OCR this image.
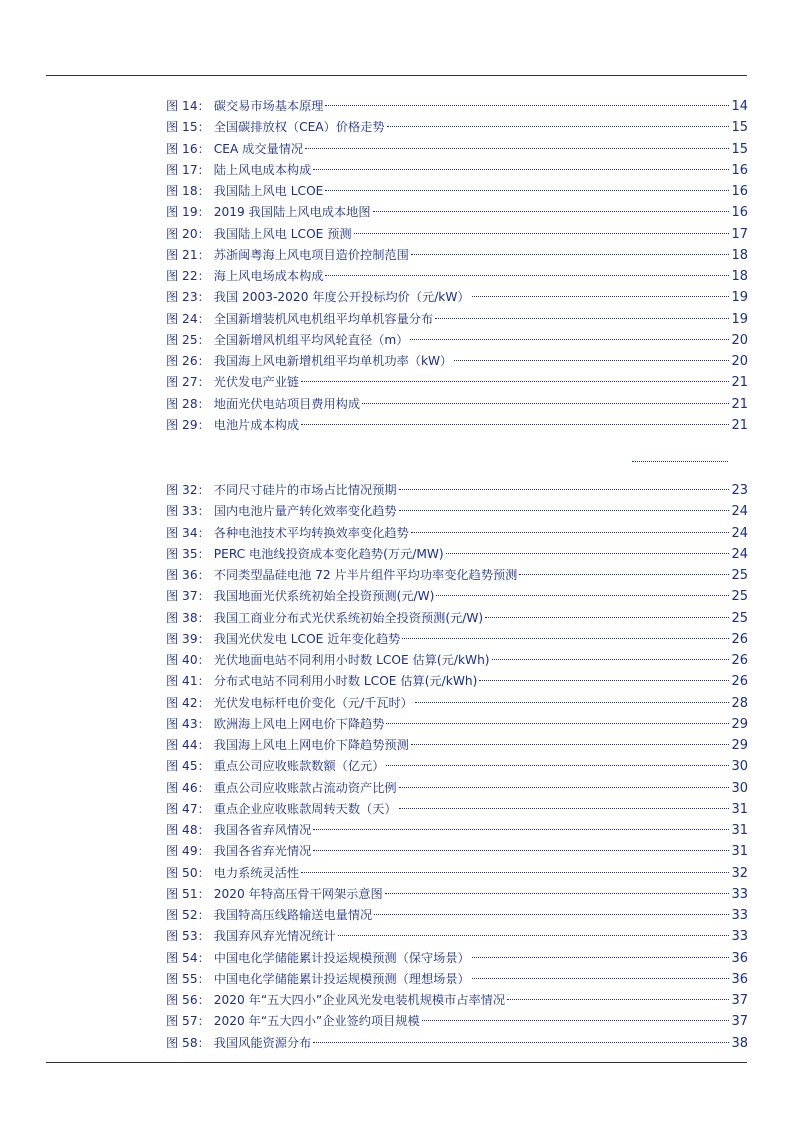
图 14： 碳交易市场基本原理	14
图 15： 全国碳排放权（CEA）价格走势	15
图 16： CEA 成交量情况	15
图 17： 陆上风电成本构成	16
图 18： 我国陆上风电 LCOE	16
图 19： 2019 我国陆上风电成本地图	16
图 20： 我国陆上风电 LCOE 预测	17
图 21： 苏浙闽粤海上风电项目造价控制范围	18
图 22： 海上风电场成本构成	18
图 23： 我国 2003-2020 年度公开投标均价（元/kW）	19
图 24： 全国新增装机风电机组平均单机容量分布	19
图 25： 全国新增风机组平均风轮直径（m）	20
图 26： 我国海上风电新增机组平均单机功率（kW）	20
图 27： 光伏发电产业链	21
图 28： 地面光伏电站项目费用构成	21
图 29： 电池片成本构成	21
图 32： 不同尺寸硅片的市场占比情况预期	23
图 33： 国内电池片量产转化效率变化趋势	24
图 34： 各种电池技术平均转换效率变化趋势	24
图 35： PERC 电池线投资成本变化趋势(万元/MW)	24
图 36： 不同类型晶硅电池 72 片半片组件平均功率变化趋势预测	25
图 37： 我国地面光伏系统初始全投资预测(元/W)	25
图 38： 我国工商业分布式光伏系统初始全投资预测(元/W)	25
图 39： 我国光伏发电 LCOE 近年变化趋势	26
图 40： 光伏地面电站不同利用小时数 LCOE 估算(元/kWh)	26
图 41： 分布式电站不同利用小时数 LCOE 估算(元/kWh)	26
图 42： 光伏发电标杆电价变化（元/千瓦时）	28
图 43： 欧洲海上风电上网电价下降趋势	29
图 44： 我国海上风电上网电价下降趋势预测	29
图 45： 重点公司应收账款数额（亿元）	30
图 46： 重点公司应收账款占流动资产比例	30
图 47： 重点企业应收账款周转天数（天）	31
图 48： 我国各省弃风情况	31
图 49： 我国各省弃光情况	31
图 50： 电力系统灵活性	32
图 51： 2020 年特高压骨干网架示意图	33
图 52： 我国特高压线路输送电量情况	33
图 53： 我国弃风弃光情况统计	33
图 54： 中国电化学储能累计投运规模预测（保守场景）	36
图 55： 中国电化学储能累计投运规模预测（理想场景）	36
图 56： 2020 年“五大四小”企业风光发电装机规模市占率情况	37
图 57： 2020 年“五大四小”企业签约项目规模	37
图 58： 我国风能资源分布	38
